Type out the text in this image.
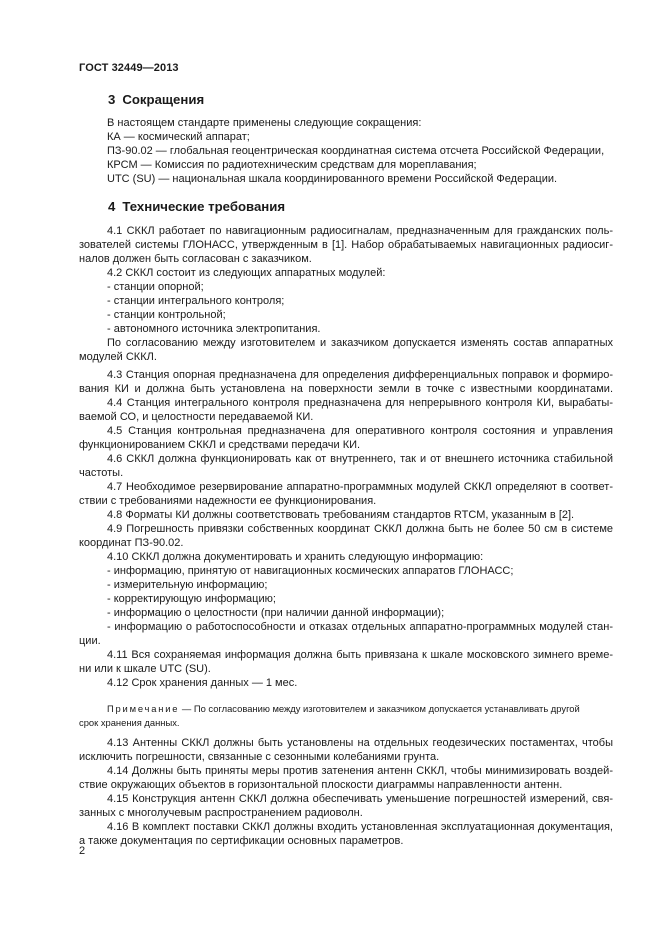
ГОСТ 32449—2013
3 Сокращения
В настоящем стандарте применены следующие сокращения:
КА — космический аппарат;
ПЗ-90.02 — глобальная геоцентрическая координатная система отсчета Российской Федерации,
КРСМ — Комиссия по радиотехническим средствам для мореплавания;
UTC (SU) — национальная шкала координированного времени Российской Федерации.
4 Технические требования
4.1 СККЛ работает по навигационным радиосигналам, предназначенным для гражданских поль-
зователей системы ГЛОНАСС, утвержденным в [1]. Набор обрабатываемых навигационных радиосиг-
налов должен быть согласован с заказчиком.
4.2 СККЛ состоит из следующих аппаратных модулей:
- станции опорной;
- станции интегрального контроля;
- станции контрольной;
- автономного источника электропитания.
По согласованию между изготовителем и заказчиком допускается изменять состав аппаратных
модулей СККЛ.
4.3 Станция опорная предназначена для определения дифференциальных поправок и формиро-
вания КИ и должна быть установлена на поверхности земли в точке с известными координатами.
4.4 Станция интегрального контроля предназначена для непрерывного контроля КИ, вырабаты-
ваемой СО, и целостности передаваемой КИ.
4.5 Станция контрольная предназначена для оперативного контроля состояния и управления
функционированием СККЛ и средствами передачи КИ.
4.6 СККЛ должна функционировать как от внутреннего, так и от внешнего источника стабильной
частоты.
4.7 Необходимое резервирование аппаратно-программных модулей СККЛ определяют в соответ-
ствии с требованиями надежности ее функционирования.
4.8 Форматы КИ должны соответствовать требованиям стандартов RTCM, указанным в [2].
4.9 Погрешность привязки собственных координат СККЛ должна быть не более 50 см в системе
координат ПЗ-90.02.
4.10 СККЛ должна документировать и хранить следующую информацию:
- информацию, принятую от навигационных космических аппаратов ГЛОНАСС;
- измерительную информацию;
- корректирующую информацию;
- информацию о целостности (при наличии данной информации);
- информацию о работоспособности и отказах отдельных аппаратно-программных модулей стан-
ции.
4.11 Вся сохраняемая информация должна быть привязана к шкале московского зимнего време-
ни или к шкале UTC (SU).
4.12 Срок хранения данных — 1 мес.
Примечание — По согласованию между изготовителем и заказчиком допускается устанавливать другой
срок хранения данных.
4.13 Антенны СККЛ должны быть установлены на отдельных геодезических постаментах, чтобы
исключить погрешности, связанные с сезонными колебаниями грунта.
4.14 Должны быть приняты меры против затенения антенн СККЛ, чтобы минимизировать воздей-
ствие окружающих объектов в горизонтальной плоскости диаграммы направленности антенн.
4.15 Конструкция антенн СККЛ должна обеспечивать уменьшение погрешностей измерений, свя-
занных с многолучевым распространением радиоволн.
4.16 В комплект поставки СККЛ должны входить установленная эксплуатационная документация,
а также документация по сертификации основных параметров.
2
